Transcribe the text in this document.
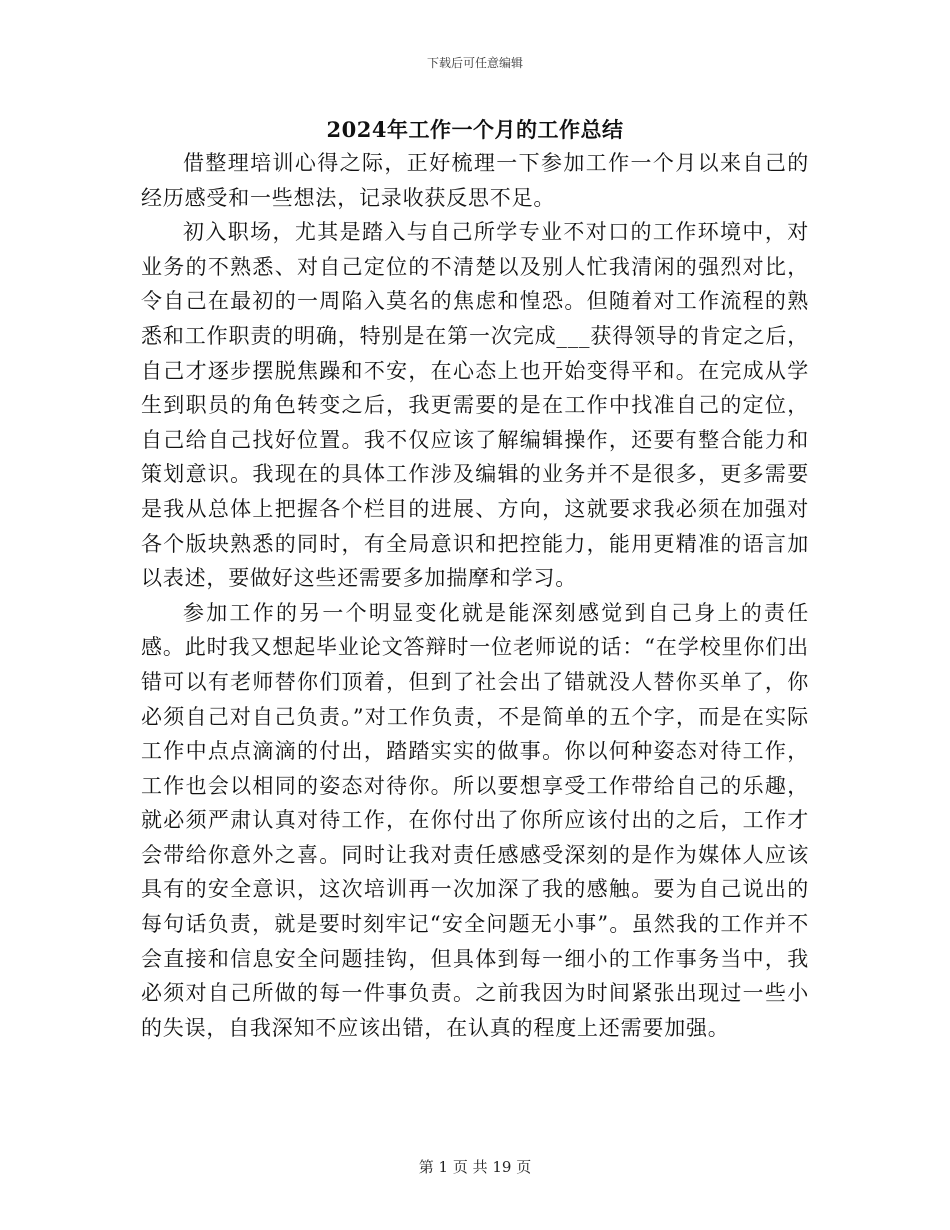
下载后可任意编辑
2024年工作一个月的工作总结

借整理培训心得之际，正好梳理一下参加工作一个月以来自己的经历感受和一些想法，记录收获反思不足。

初入职场，尤其是踏入与自己所学专业不对口的工作环境中，对业务的不熟悉、对自己定位的不清楚以及别人忙我清闲的强烈对比，令自己在最初的一周陷入莫名的焦虑和惶恐。但随着对工作流程的熟悉和工作职责的明确，特别是在第一次完成___获得领导的肯定之后，自己才逐步摆脱焦躁和不安，在心态上也开始变得平和。在完成从学生到职员的角色转变之后，我更需要的是在工作中找准自己的定位，自己给自己找好位置。我不仅应该了解编辑操作，还要有整合能力和策划意识。我现在的具体工作涉及编辑的业务并不是很多，更多需要是我从总体上把握各个栏目的进展、方向，这就要求我必须在加强对各个版块熟悉的同时，有全局意识和把控能力，能用更精准的语言加以表述，要做好这些还需要多加揣摩和学习。

参加工作的另一个明显变化就是能深刻感觉到自己身上的责任感。此时我又想起毕业论文答辩时一位老师说的话：“在学校里你们出错可以有老师替你们顶着，但到了社会出了错就没人替你买单了，你必须自己对自己负责。”对工作负责，不是简单的五个字，而是在实际工作中点点滴滴的付出，踏踏实实的做事。你以何种姿态对待工作，工作也会以相同的姿态对待你。所以要想享受工作带给自己的乐趣，就必须严肃认真对待工作，在你付出了你所应该付出的之后，工作才会带给你意外之喜。同时让我对责任感感受深刻的是作为媒体人应该具有的安全意识，这次培训再一次加深了我的感触。要为自己说出的每句话负责，就是要时刻牢记“安全问题无小事”。虽然我的工作并不会直接和信息安全问题挂钩，但具体到每一细小的工作事务当中，我必须对自己所做的每一件事负责。之前我因为时间紧张出现过一些小的失误，自我深知不应该出错，在认真的程度上还需要加强。

第 1 页 共 19 页
